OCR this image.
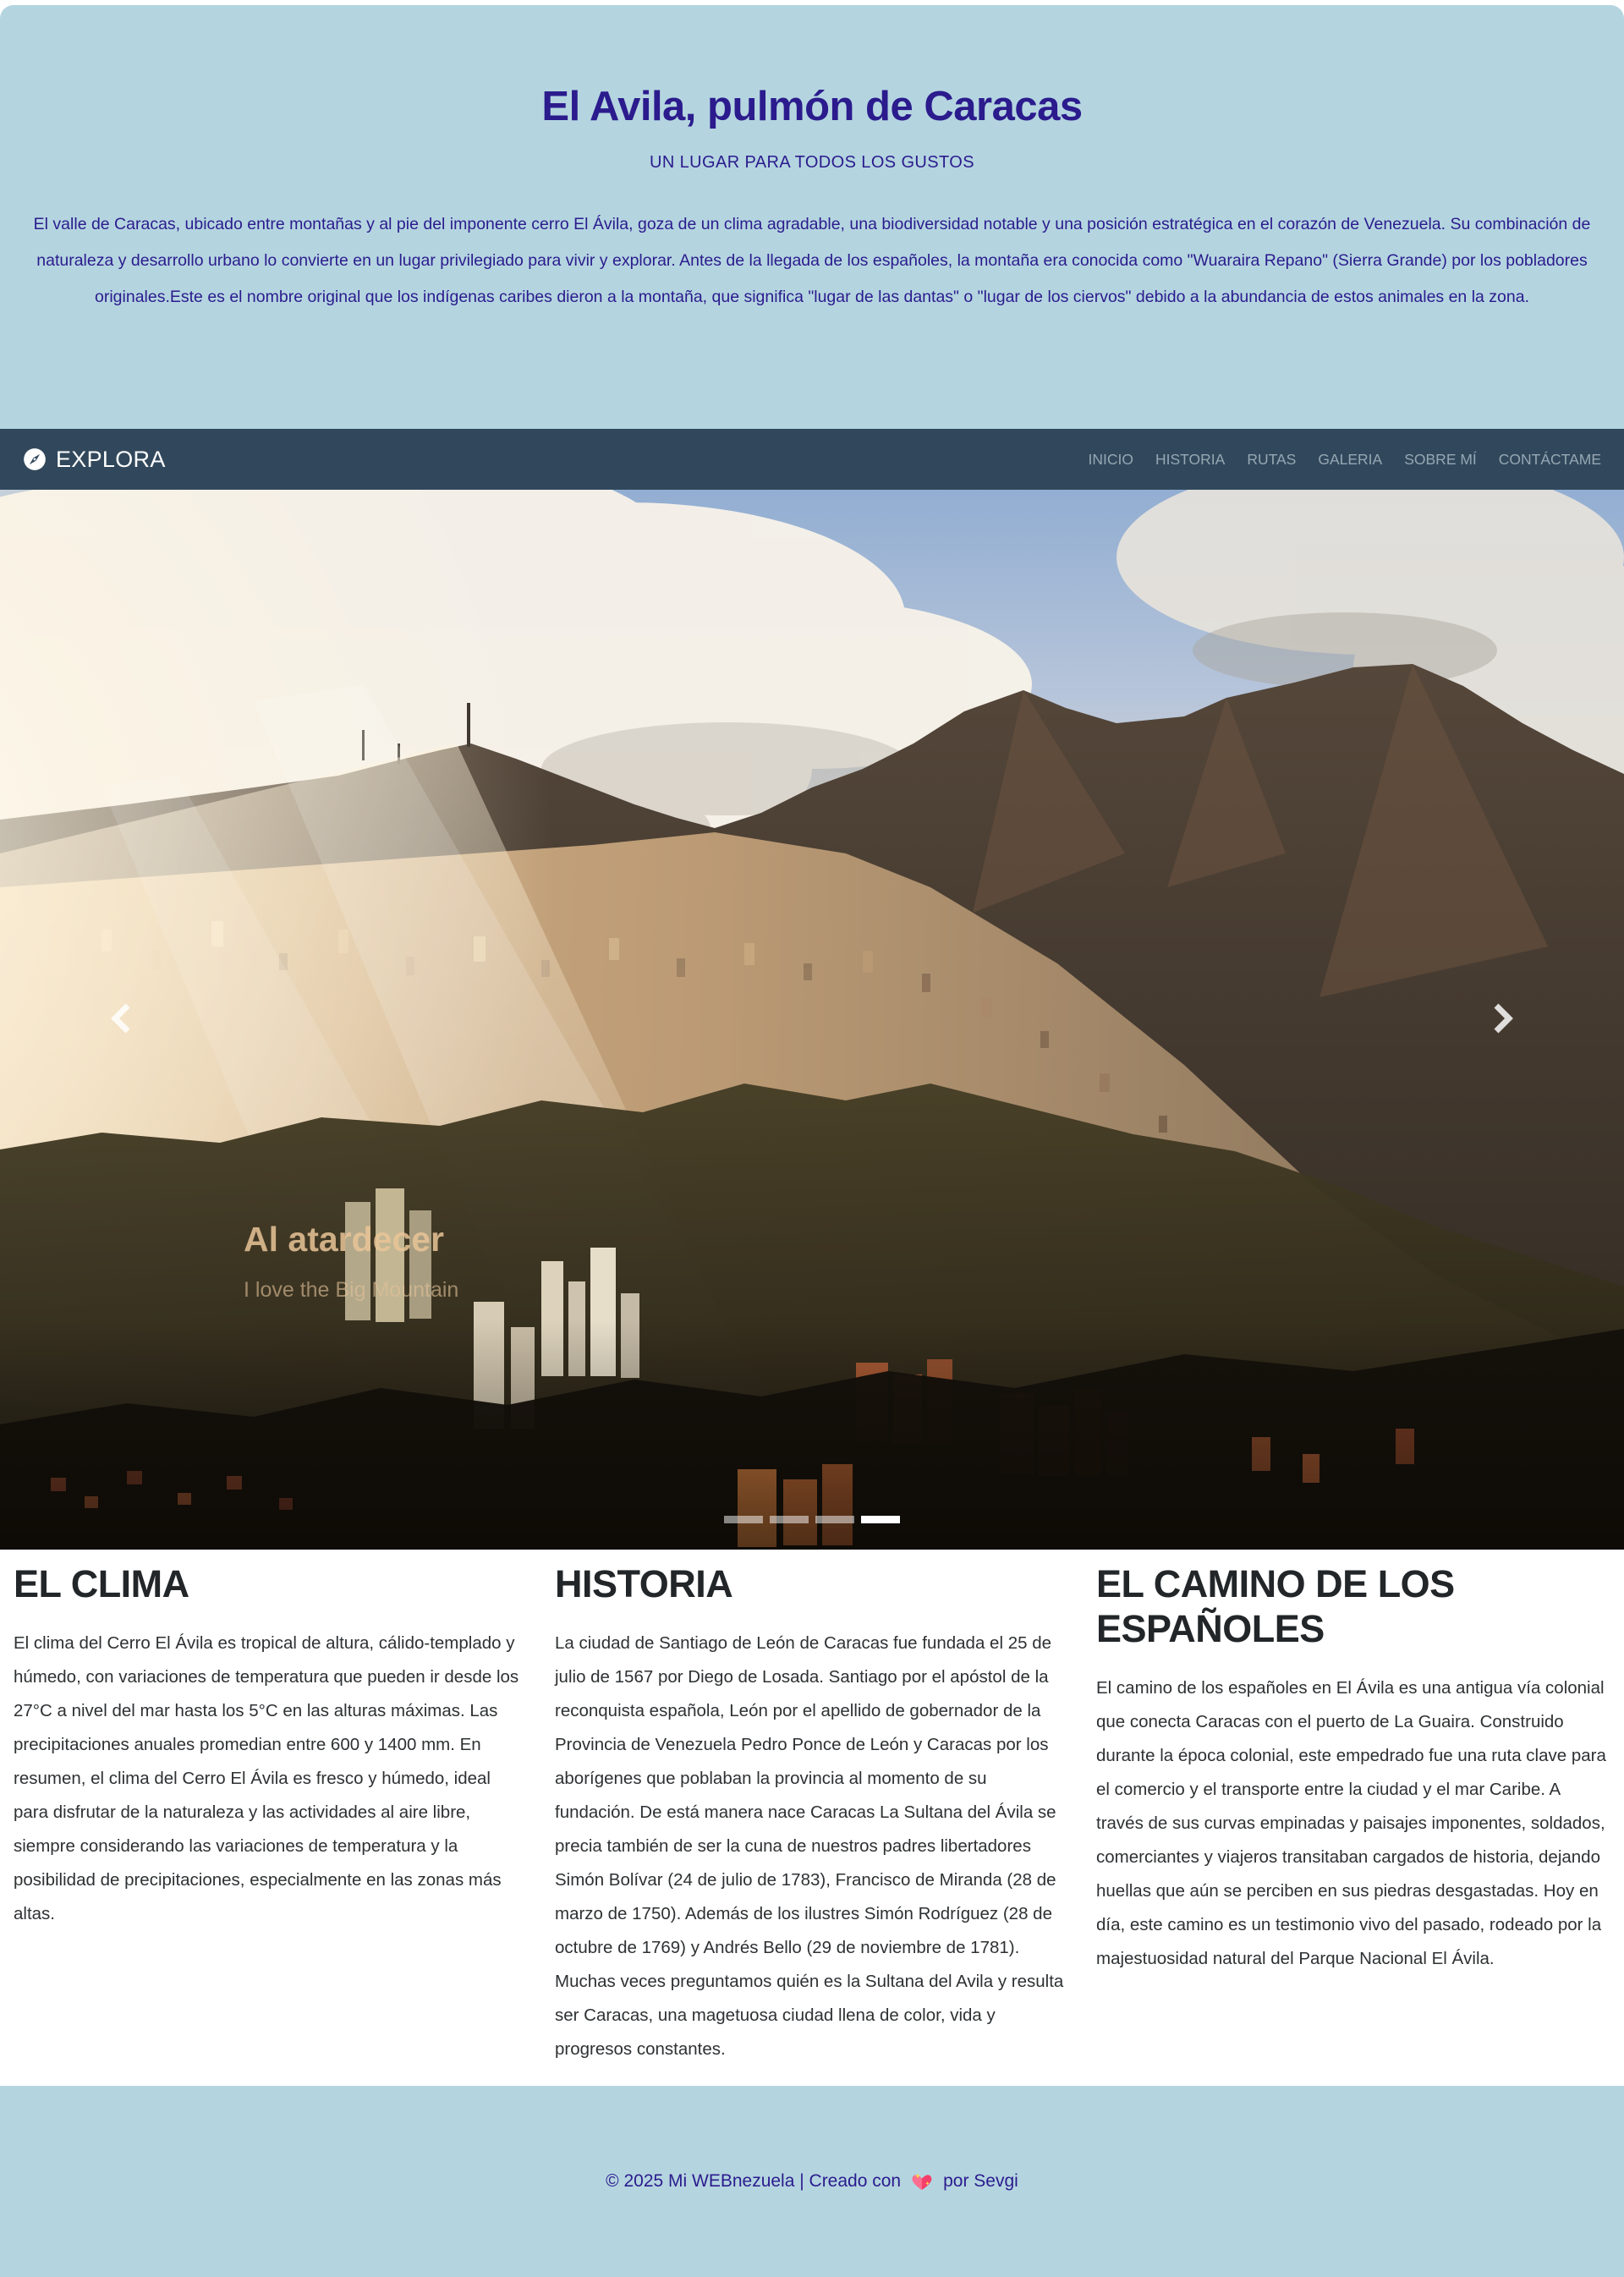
El Avila, pulmón de Caracas
UN LUGAR PARA TODOS LOS GUSTOS

El valle de Caracas, ubicado entre montañas y al pie del imponente cerro El Ávila, goza de un clima agradable, una biodiversidad notable y una posición estratégica en el corazón de Venezuela. Su combinación de naturaleza y desarrollo urbano lo convierte en un lugar privilegiado para vivir y explorar. Antes de la llegada de los españoles, la montaña era conocida como "Wuaraira Repano" (Sierra Grande) por los pobladores originales.Este es el nombre original que los indígenas caribes dieron a la montaña, que significa "lugar de las dantas" o "lugar de los ciervos" debido a la abundancia de estos animales en la zona.

EXPLORA	INICIO	HISTORIA	RUTAS	GALERIA	SOBRE MÍ	CONTÁCTAME
Al atardecer
I love the Big Mountain
EL CLIMA

El clima del Cerro El Ávila es tropical de altura, cálido-templado y húmedo, con variaciones de temperatura que pueden ir desde los 27°C a nivel del mar hasta los 5°C en las alturas máximas. Las precipitaciones anuales promedian entre 600 y 1400 mm. En resumen, el clima del Cerro El Ávila es fresco y húmedo, ideal para disfrutar de la naturaleza y las actividades al aire libre, siempre considerando las variaciones de temperatura y la posibilidad de precipitaciones, especialmente en las zonas más altas.

HISTORIA

La ciudad de Santiago de León de Caracas fue fundada el 25 de julio de 1567 por Diego de Losada. Santiago por el apóstol de la reconquista española, León por el apellido de gobernador de la Provincia de Venezuela Pedro Ponce de León y Caracas por los aborígenes que poblaban la provincia al momento de su fundación. De está manera nace Caracas La Sultana del Ávila se precia también de ser la cuna de nuestros padres libertadores Simón Bolívar (24 de julio de 1783), Francisco de Miranda (28 de marzo de 1750). Además de los ilustres Simón Rodríguez (28 de octubre de 1769) y Andrés Bello (29 de noviembre de 1781). Muchas veces preguntamos quién es la Sultana del Avila y resulta ser Caracas, una magetuosa ciudad llena de color, vida y progresos constantes.

EL CAMINO DE LOS ESPAÑOLES

El camino de los españoles en El Ávila es una antigua vía colonial que conecta Caracas con el puerto de La Guaira. Construido durante la época colonial, este empedrado fue una ruta clave para el comercio y el transporte entre la ciudad y el mar Caribe. A través de sus curvas empinadas y paisajes imponentes, soldados, comerciantes y viajeros transitaban cargados de historia, dejando huellas que aún se perciben en sus piedras desgastadas. Hoy en día, este camino es un testimonio vivo del pasado, rodeado por la majestuosidad natural del Parque Nacional El Ávila.

© 2025 Mi WEBnezuela | Creado con por Sevgi
